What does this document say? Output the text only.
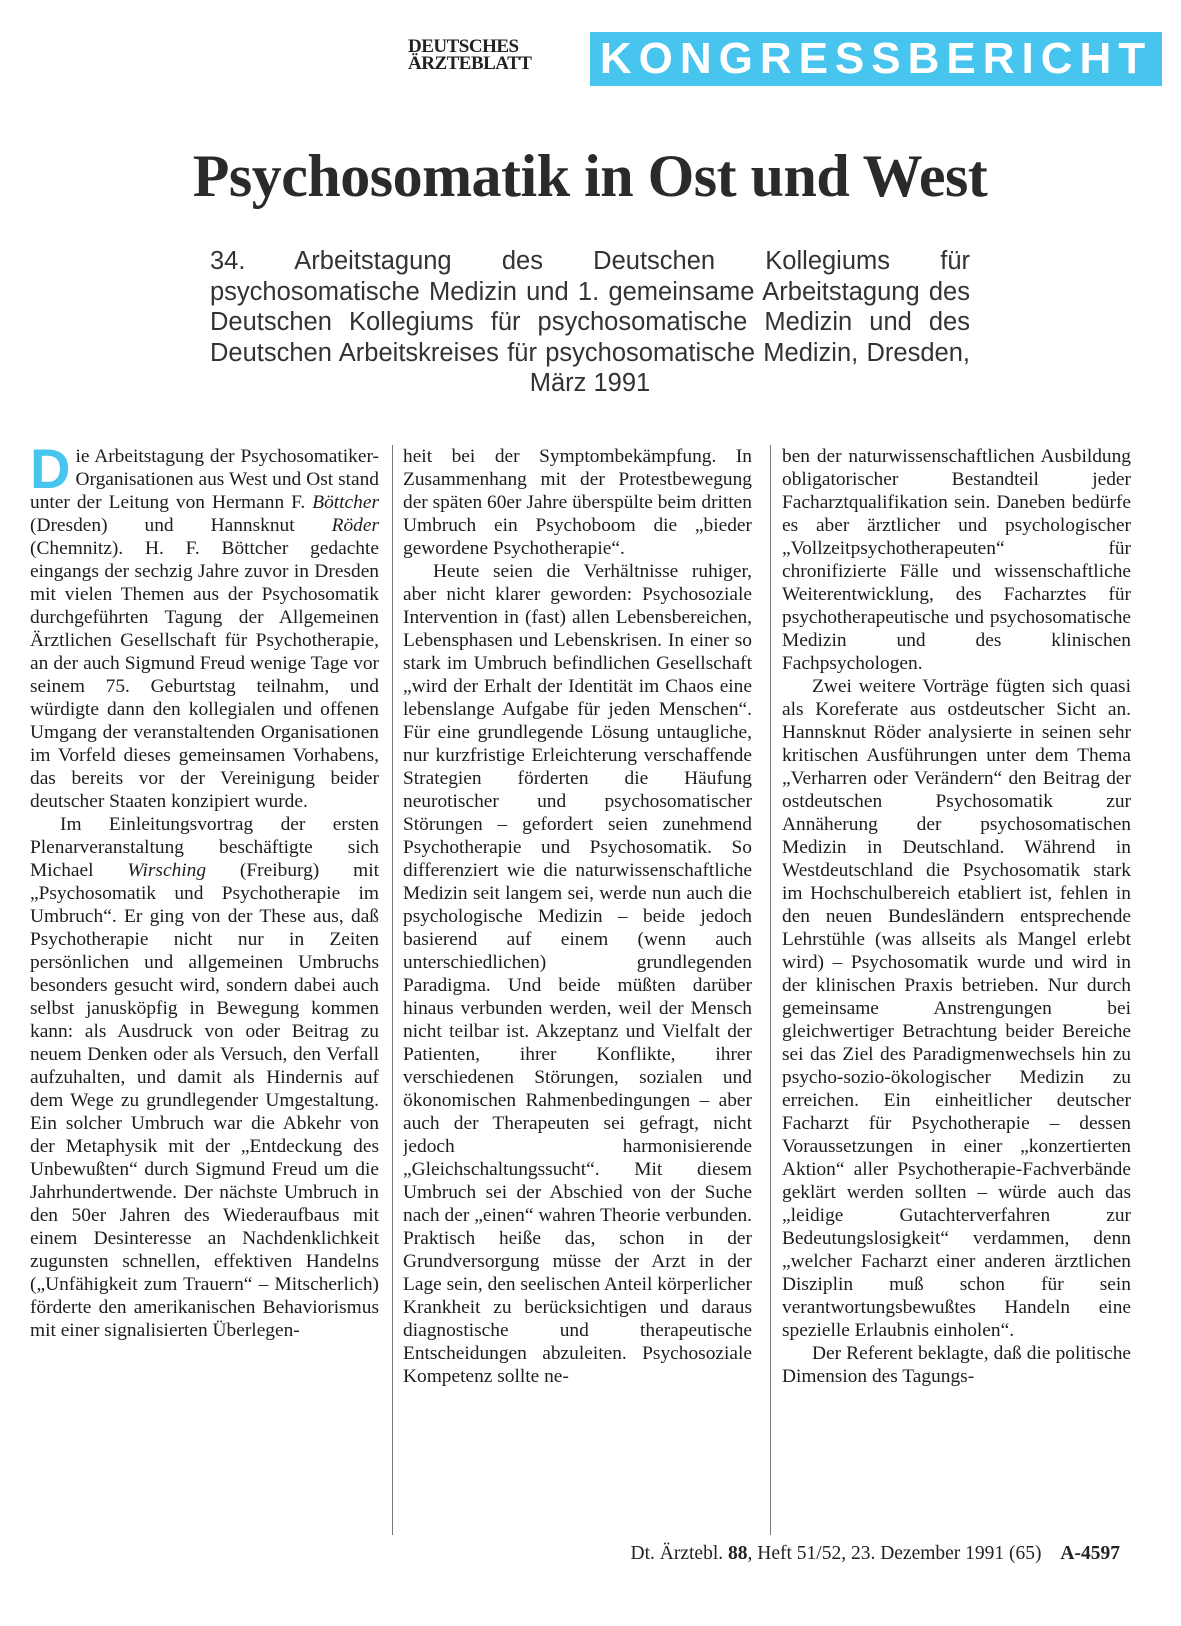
DEUTSCHES
ÄRZTEBLATT	KONGRESSBERICHT
Psychosomatik in Ost und West

34. Arbeitstagung des Deutschen Kollegiums für psychosomatische Medizin und 1. gemeinsame Arbeitstagung des Deutschen Kollegiums für psychosomatische Medizin und des Deutschen Arbeitskreises für psychosomatische Medizin, Dresden, März 1991

Die Arbeitstagung der Psychosomatiker-Organisationen aus West und Ost stand unter der Leitung von Hermann F. Böttcher (Dresden) und Hannsknut Röder (Chemnitz). H. F. Böttcher gedachte eingangs der sechzig Jahre zuvor in Dresden mit vielen Themen aus der Psychosomatik durchgeführten Tagung der Allgemeinen Ärztlichen Gesellschaft für Psychotherapie, an der auch Sigmund Freud wenige Tage vor seinem 75. Geburtstag teilnahm, und würdigte dann den kollegialen und offenen Umgang der veranstaltenden Organisationen im Vorfeld dieses gemeinsamen Vorhabens, das bereits vor der Vereinigung beider deutscher Staaten konzipiert wurde.

Im Einleitungsvortrag der ersten Plenarveranstaltung beschäftigte sich Michael Wirsching (Freiburg) mit „Psychosomatik und Psychotherapie im Umbruch“. Er ging von der These aus, daß Psychotherapie nicht nur in Zeiten persönlichen und allgemeinen Umbruchs besonders gesucht wird, sondern dabei auch selbst janusköpfig in Bewegung kommen kann: als Ausdruck von oder Beitrag zu neuem Denken oder als Versuch, den Verfall aufzuhalten, und damit als Hindernis auf dem Wege zu grundlegender Umgestaltung. Ein solcher Umbruch war die Abkehr von der Metaphysik mit der „Entdeckung des Unbewußten“ durch Sigmund Freud um die Jahrhundertwende. Der nächste Umbruch in den 50er Jahren des Wiederaufbaus mit einem Desinteresse an Nachdenklichkeit zugunsten schnellen, effektiven Handelns („Unfähigkeit zum Trauern“ – Mitscherlich) förderte den amerikanischen Behaviorismus mit einer signalisierten Überlegen-

heit bei der Symptombekämpfung. In Zusammenhang mit der Protestbewegung der späten 60er Jahre überspülte beim dritten Umbruch ein Psychoboom die „bieder gewordene Psychotherapie“.

Heute seien die Verhältnisse ruhiger, aber nicht klarer geworden: Psychosoziale Intervention in (fast) allen Lebensbereichen, Lebensphasen und Lebenskrisen. In einer so stark im Umbruch befindlichen Gesellschaft „wird der Erhalt der Identität im Chaos eine lebenslange Aufgabe für jeden Menschen“. Für eine grundlegende Lösung untaugliche, nur kurzfristige Erleichterung verschaffende Strategien förderten die Häufung neurotischer und psychosomatischer Störungen – gefordert seien zunehmend Psychotherapie und Psychosomatik. So differenziert wie die naturwissenschaftliche Medizin seit langem sei, werde nun auch die psychologische Medizin – beide jedoch basierend auf einem (wenn auch unterschiedlichen) grundlegenden Paradigma. Und beide müßten darüber hinaus verbunden werden, weil der Mensch nicht teilbar ist. Akzeptanz und Vielfalt der Patienten, ihrer Konflikte, ihrer verschiedenen Störungen, sozialen und ökonomischen Rahmenbedingungen – aber auch der Therapeuten sei gefragt, nicht jedoch harmonisierende „Gleichschaltungssucht“. Mit diesem Umbruch sei der Abschied von der Suche nach der „einen“ wahren Theorie verbunden. Praktisch heiße das, schon in der Grundversorgung müsse der Arzt in der Lage sein, den seelischen Anteil körperlicher Krankheit zu berücksichtigen und daraus diagnostische und therapeutische Entscheidungen abzuleiten. Psychosoziale Kompetenz sollte ne-

ben der naturwissenschaftlichen Ausbildung obligatorischer Bestandteil jeder Facharztqualifikation sein. Daneben bedürfe es aber ärztlicher und psychologischer „Vollzeitpsychotherapeuten“ für chronifizierte Fälle und wissenschaftliche Weiterentwicklung, des Facharztes für psychotherapeutische und psychosomatische Medizin und des klinischen Fachpsychologen.

Zwei weitere Vorträge fügten sich quasi als Koreferate aus ostdeutscher Sicht an. Hannsknut Röder analysierte in seinen sehr kritischen Ausführungen unter dem Thema „Verharren oder Verändern“ den Beitrag der ostdeutschen Psychosomatik zur Annäherung der psychosomatischen Medizin in Deutschland. Während in Westdeutschland die Psychosomatik stark im Hochschulbereich etabliert ist, fehlen in den neuen Bundesländern entsprechende Lehrstühle (was allseits als Mangel erlebt wird) – Psychosomatik wurde und wird in der klinischen Praxis betrieben. Nur durch gemeinsame Anstrengungen bei gleichwertiger Betrachtung beider Bereiche sei das Ziel des Paradigmenwechsels hin zu psycho-sozio-ökologischer Medizin zu erreichen. Ein einheitlicher deutscher Facharzt für Psychotherapie – dessen Voraussetzungen in einer „konzertierten Aktion“ aller Psychotherapie-Fachverbände geklärt werden sollten – würde auch das „leidige Gutachterverfahren zur Bedeutungslosigkeit“ verdammen, denn „welcher Facharzt einer anderen ärztlichen Disziplin muß schon für sein verantwortungsbewußtes Handeln eine spezielle Erlaubnis einholen“.

Der Referent beklagte, daß die politische Dimension des Tagungs-

Dt. Ärztebl. 88, Heft 51/52, 23. Dezember 1991 (65) A-4597
